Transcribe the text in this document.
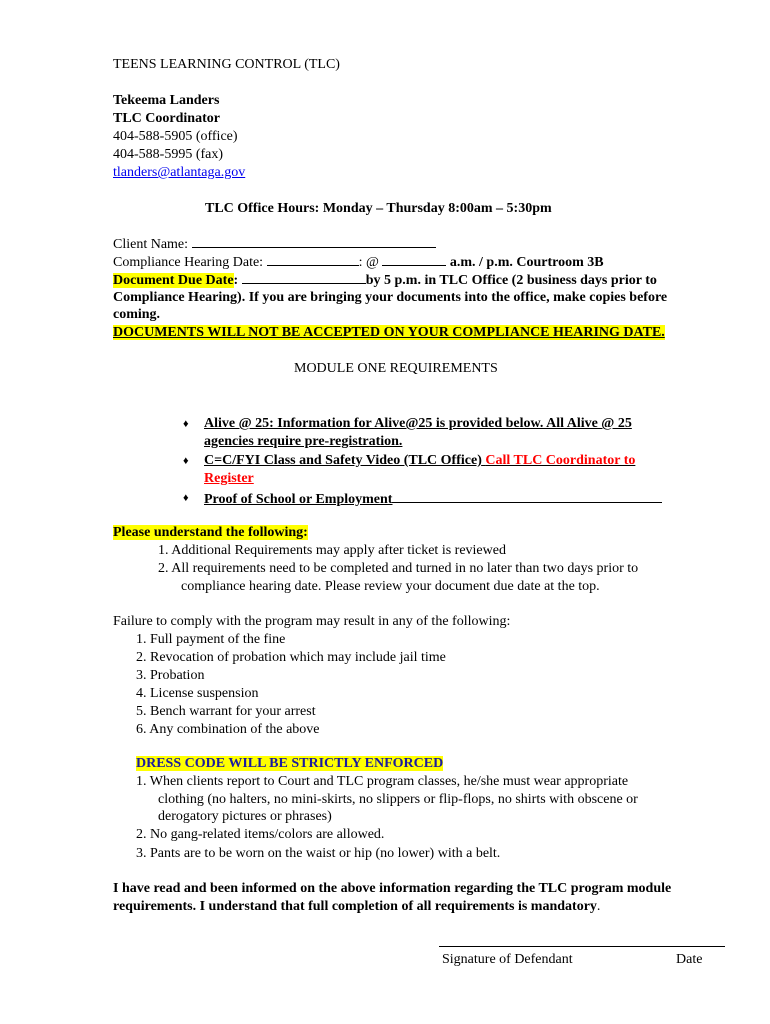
TEENS LEARNING CONTROL (TLC)
Tekeema Landers
TLC Coordinator
404-588-5905 (office)
404-588-5995 (fax)
tlanders@atlantaga.gov
TLC Office Hours: Monday – Thursday 8:00am – 5:30pm
Client Name:
Compliance Hearing Date:	: @	a.m. / p.m. Courtroom 3B
Document Due Date:	by 5 p.m. in TLC Office (2 business days prior to
Compliance Hearing). If you are bringing your documents into the office, make copies before
coming.
DOCUMENTS WILL NOT BE ACCEPTED ON YOUR COMPLIANCE HEARING DATE.
MODULE ONE REQUIREMENTS
♦ Alive @ 25: Information for Alive@25 is provided below. All Alive @ 25
agencies require pre-registration.
♦ C=C/FYI Class and Safety Video (TLC Office) Call TLC Coordinator to
Register
♦ Proof of School or Employment
Please understand the following:
1. Additional Requirements may apply after ticket is reviewed
2. All requirements need to be completed and turned in no later than two days prior to
compliance hearing date. Please review your document due date at the top.
Failure to comply with the program may result in any of the following:
1. Full payment of the fine
2. Revocation of probation which may include jail time
3. Probation
4. License suspension
5. Bench warrant for your arrest
6. Any combination of the above
DRESS CODE WILL BE STRICTLY ENFORCED
1. When clients report to Court and TLC program classes, he/she must wear appropriate
clothing (no halters, no mini-skirts, no slippers or flip-flops, no shirts with obscene or
derogatory pictures or phrases)
2. No gang-related items/colors are allowed.
3. Pants are to be worn on the waist or hip (no lower) with a belt.
I have read and been informed on the above information regarding the TLC program module
requirements. I understand that full completion of all requirements is mandatory.
Signature of Defendant	Date
